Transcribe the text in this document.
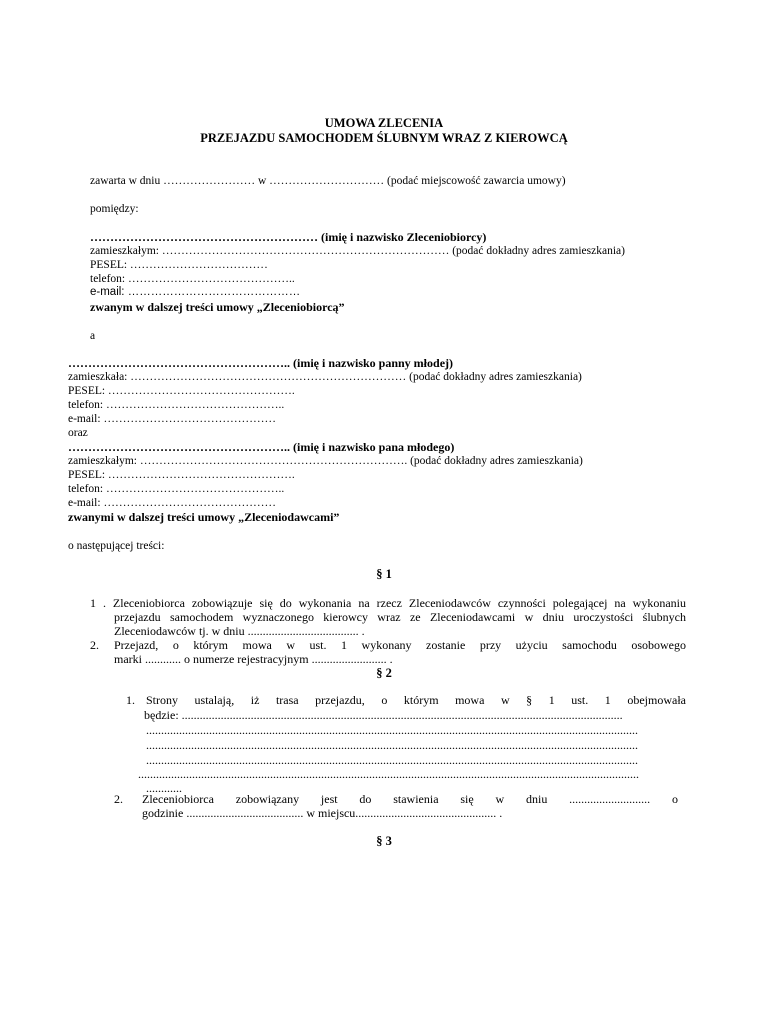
UMOWA ZLECENIA
PRZEJAZDU SAMOCHODEM ŚLUBNYM WRAZ Z KIEROWCĄ
zawarta w dniu …………………… w ………………………… (podać miejscowość zawarcia umowy)
pomiędzy:
………………………………………………… (imię i nazwisko Zleceniobiorcy)
zamieszkałym: ………………………………………………………………… (podać dokładny adres zamieszkania)
PESEL: ………………………………
telefon: ……………………………………..
e-mail: ………………………………………
zwanym w dalszej treści umowy „Zleceniobiorcą”
a
……………………………………………….. (imię i nazwisko panny młodej)
zamieszkała: ……………………………………………………………… (podać dokładny adres zamieszkania)
PESEL: ………………………………………….
telefon: ………………………………………..
e-mail: ………………………………………
oraz
……………………………………………….. (imię i nazwisko pana młodego)
zamieszkałym: ……………………………………………………………. (podać dokładny adres zamieszkania)
PESEL: ………………………………………….
telefon: ………………………………………..
e-mail: ………………………………………
zwanymi w dalszej treści umowy „Zleceniodawcami”
o następującej treści:
§ 1
1 . Zleceniobiorca zobowiązuje się do wykonania na rzecz Zleceniodawców czynności polegającej na wykonaniu
przejazdu samochodem wyznaczonego kierowcy wraz ze Zleceniodawcami w dniu uroczystości ślubnych
Zleceniodawców tj. w dniu ..................................... .
2. Przejazd, o którym mowa w ust. 1 wykonany zostanie przy użyciu samochodu osobowego
marki ............ o numerze rejestracyjnym ......................... .
§ 2
1. Strony ustalają, iż trasa przejazdu, o którym mowa w § 1 ust. 1 obejmowała
będzie: ...................................................................................................................................................
....................................................................................................................................................................
....................................................................................................................................................................
....................................................................................................................................................................
.......................................................................................................................................................................
............
2. Zleceniobiorca zobowiązany jest do stawienia się w dniu ........................... o
godzinie ....................................... w miejscu............................................... .
§ 3
